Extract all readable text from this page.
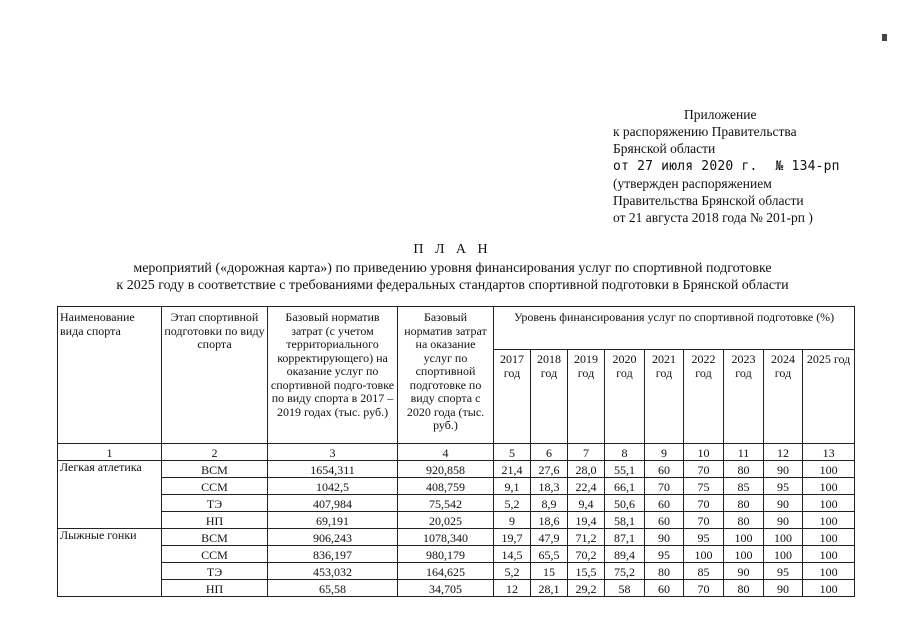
Приложение
к распоряжению Правительства
Брянской области
от 27 июля 2020 г. № 134-рп
(утвержден распоряжением
Правительства Брянской области
от 21 августа 2018 года № 201-рп )
П Л А Н
мероприятий («дорожная карта») по приведению уровня финансирования услуг по спортивной подготовке
к 2025 году в соответствие с требованиями федеральных стандартов спортивной подготовки в Брянской области
Наименование вида спорта	Этап спортивной подготовки по виду спорта	Базовый норматив затрат (с учетом территориального корректирующего) на оказание услуг по спортивной подго-товке по виду спорта в 2017 – 2019 годах (тыс. руб.)	Базовый норматив затрат на оказание услуг по спортивной подготовке по виду спорта с 2020 года (тыс. руб.)	Уровень финансирования услуг по спортивной подготовке (%)								
				2017 год	2018 год	2019 год	2020 год	2021 год	2022 год	2023 год	2024 год	2025 год
1	2	3	4	5	6	7	8	9	10	11	12	13
Легкая атлетика	ВСМ	1654,311	920,858	21,4	27,6	28,0	55,1	60	70	80	90	100
	ССМ	1042,5	408,759	9,1	18,3	22,4	66,1	70	75	85	95	100
	ТЭ	407,984	75,542	5,2	8,9	9,4	50,6	60	70	80	90	100
	НП	69,191	20,025	9	18,6	19,4	58,1	60	70	80	90	100
Лыжные гонки	ВСМ	906,243	1078,340	19,7	47,9	71,2	87,1	90	95	100	100	100
	ССМ	836,197	980,179	14,5	65,5	70,2	89,4	95	100	100	100	100
	ТЭ	453,032	164,625	5,2	15	15,5	75,2	80	85	90	95	100
	НП	65,58	34,705	12	28,1	29,2	58	60	70	80	90	100
